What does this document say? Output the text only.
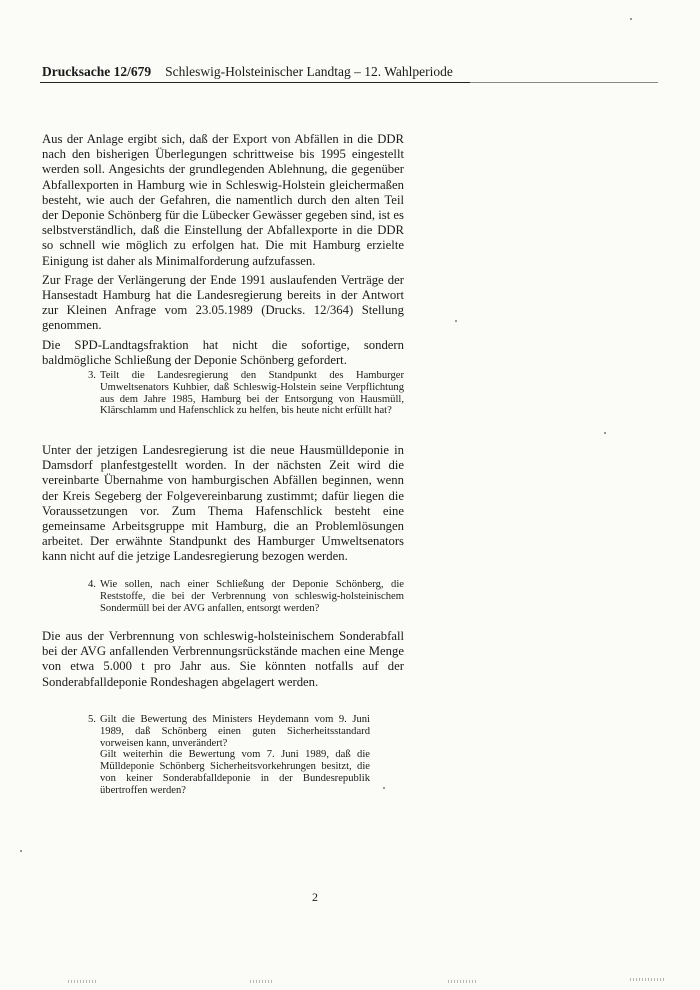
Drucksache 12/679 Schleswig-Holsteinischer Landtag – 12. Wahlperiode

Aus der Anlage ergibt sich, daß der Export von Abfällen in die DDR nach den bisherigen Überlegungen schrittweise bis 1995 eingestellt werden soll. Angesichts der grundlegenden Ablehnung, die gegenüber Abfallexporten in Hamburg wie in Schleswig-Holstein gleichermaßen besteht, wie auch der Gefahren, die namentlich durch den alten Teil der Deponie Schönberg für die Lübecker Gewässer gegeben sind, ist es selbstverständlich, daß die Einstellung der Abfallexporte in die DDR so schnell wie möglich zu erfolgen hat. Die mit Hamburg erzielte Einigung ist daher als Minimalforderung aufzufassen.

Zur Frage der Verlängerung der Ende 1991 auslaufenden Verträge der Hansestadt Hamburg hat die Landesregierung bereits in der Antwort zur Kleinen Anfrage vom 23.05.1989 (Drucks. 12/364) Stellung genommen.

Die SPD-Landtagsfraktion hat nicht die sofortige, sondern baldmögliche Schließung der Deponie Schönberg gefordert.

3. Teilt die Landesregierung den Standpunkt des Hamburger Umweltsenators Kuhbier, daß Schleswig-Holstein seine Verpflichtung aus dem Jahre 1985, Hamburg bei der Entsorgung von Hausmüll, Klärschlamm und Hafenschlick zu helfen, bis heute nicht erfüllt hat?

Unter der jetzigen Landesregierung ist die neue Hausmülldeponie in Damsdorf planfestgestellt worden. In der nächsten Zeit wird die vereinbarte Übernahme von hamburgischen Abfällen beginnen, wenn der Kreis Segeberg der Folgevereinbarung zustimmt; dafür liegen die Voraussetzungen vor. Zum Thema Hafenschlick besteht eine gemeinsame Arbeitsgruppe mit Hamburg, die an Problemlösungen arbeitet. Der erwähnte Standpunkt des Hamburger Umweltsenators kann nicht auf die jetzige Landesregierung bezogen werden.

4. Wie sollen, nach einer Schließung der Deponie Schönberg, die Reststoffe, die bei der Verbrennung von schleswig-holsteinischem Sondermüll bei der AVG anfallen, entsorgt werden?

Die aus der Verbrennung von schleswig-holsteinischem Sonderabfall bei der AVG anfallenden Verbrennungsrückstände machen eine Menge von etwa 5.000 t pro Jahr aus. Sie könnten notfalls auf der Sonderabfalldeponie Rondeshagen abgelagert werden.

5. Gilt die Bewertung des Ministers Heydemann vom 9. Juni 1989, daß Schönberg einen guten Sicherheitsstandard vorweisen kann, unverändert?
Gilt weiterhin die Bewertung vom 7. Juni 1989, daß die Mülldeponie Schönberg Sicherheitsvorkehrungen besitzt, die von keiner Sonderabfalldeponie in der Bundesrepublik übertroffen werden?
2
